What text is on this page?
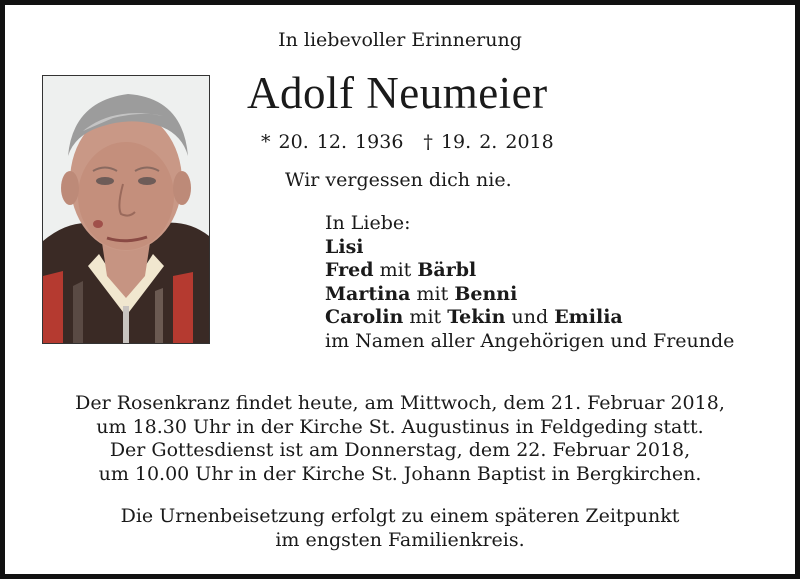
In liebevoller Erinnerung
Adolf Neumeier
* 20. 12. 1936 † 19. 2. 2018
Wir vergessen dich nie.
In Liebe:
Lisi
Fred mit Bärbl
Martina mit Benni
Carolin mit Tekin und Emilia
im Namen aller Angehörigen und Freunde
Der Rosenkranz findet heute, am Mittwoch, dem 21. Februar 2018,
um 18.30 Uhr in der Kirche St. Augustinus in Feldgeding statt.
Der Gottesdienst ist am Donnerstag, dem 22. Februar 2018,
um 10.00 Uhr in der Kirche St. Johann Baptist in Bergkirchen.
Die Urnenbeisetzung erfolgt zu einem späteren Zeitpunkt
im engsten Familienkreis.
